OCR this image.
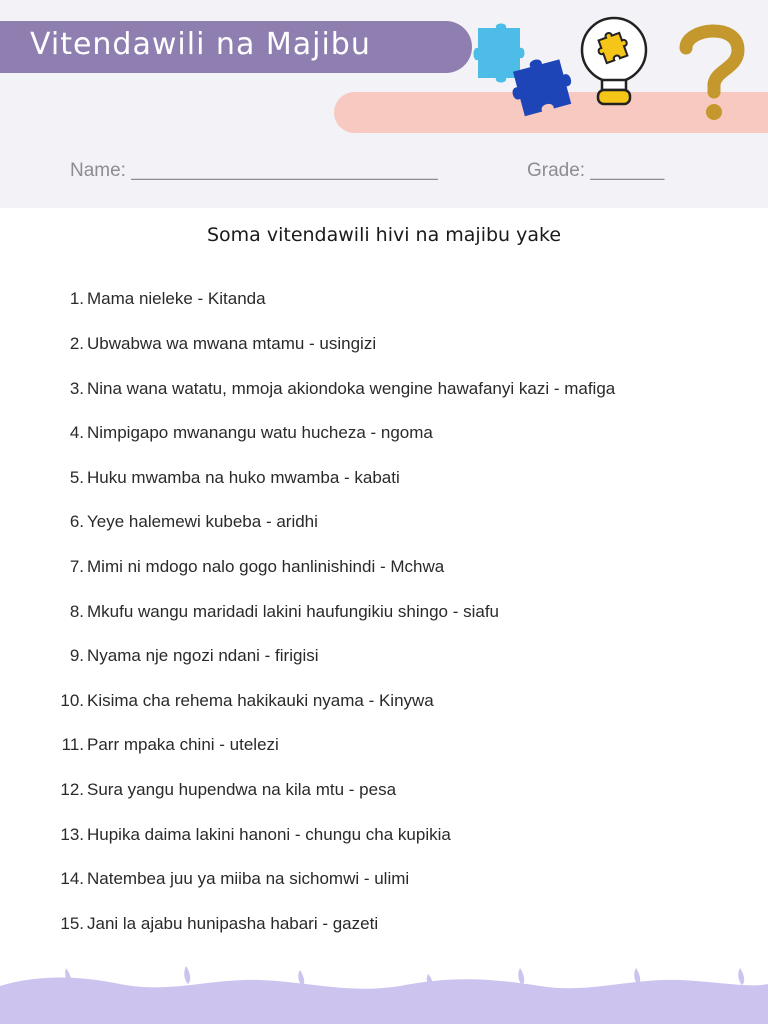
Vitendawili na Majibu
Name: _____________________________	Grade: _______
Soma vitendawili hivi na majibu yake
1. Mama nieleke - Kitanda
2. Ubwabwa wa mwana mtamu - usingizi
3. Nina wana watatu, mmoja akiondoka wengine hawafanyi kazi - mafiga
4. Nimpigapo mwanangu watu hucheza - ngoma
5. Huku mwamba na huko mwamba - kabati
6. Yeye halemewi kubeba - aridhi
7. Mimi ni mdogo nalo gogo hanlinishindi - Mchwa
8. Mkufu wangu maridadi lakini haufungikiu shingo - siafu
9. Nyama nje ngozi ndani - firigisi
10. Kisima cha rehema hakikauki nyama - Kinywa
11. Parr mpaka chini - utelezi
12. Sura yangu hupendwa na kila mtu - pesa
13. Hupika daima lakini hanoni - chungu cha kupikia
14. Natembea juu ya miiba na sichomwi - ulimi
15. Jani la ajabu hunipasha habari - gazeti
